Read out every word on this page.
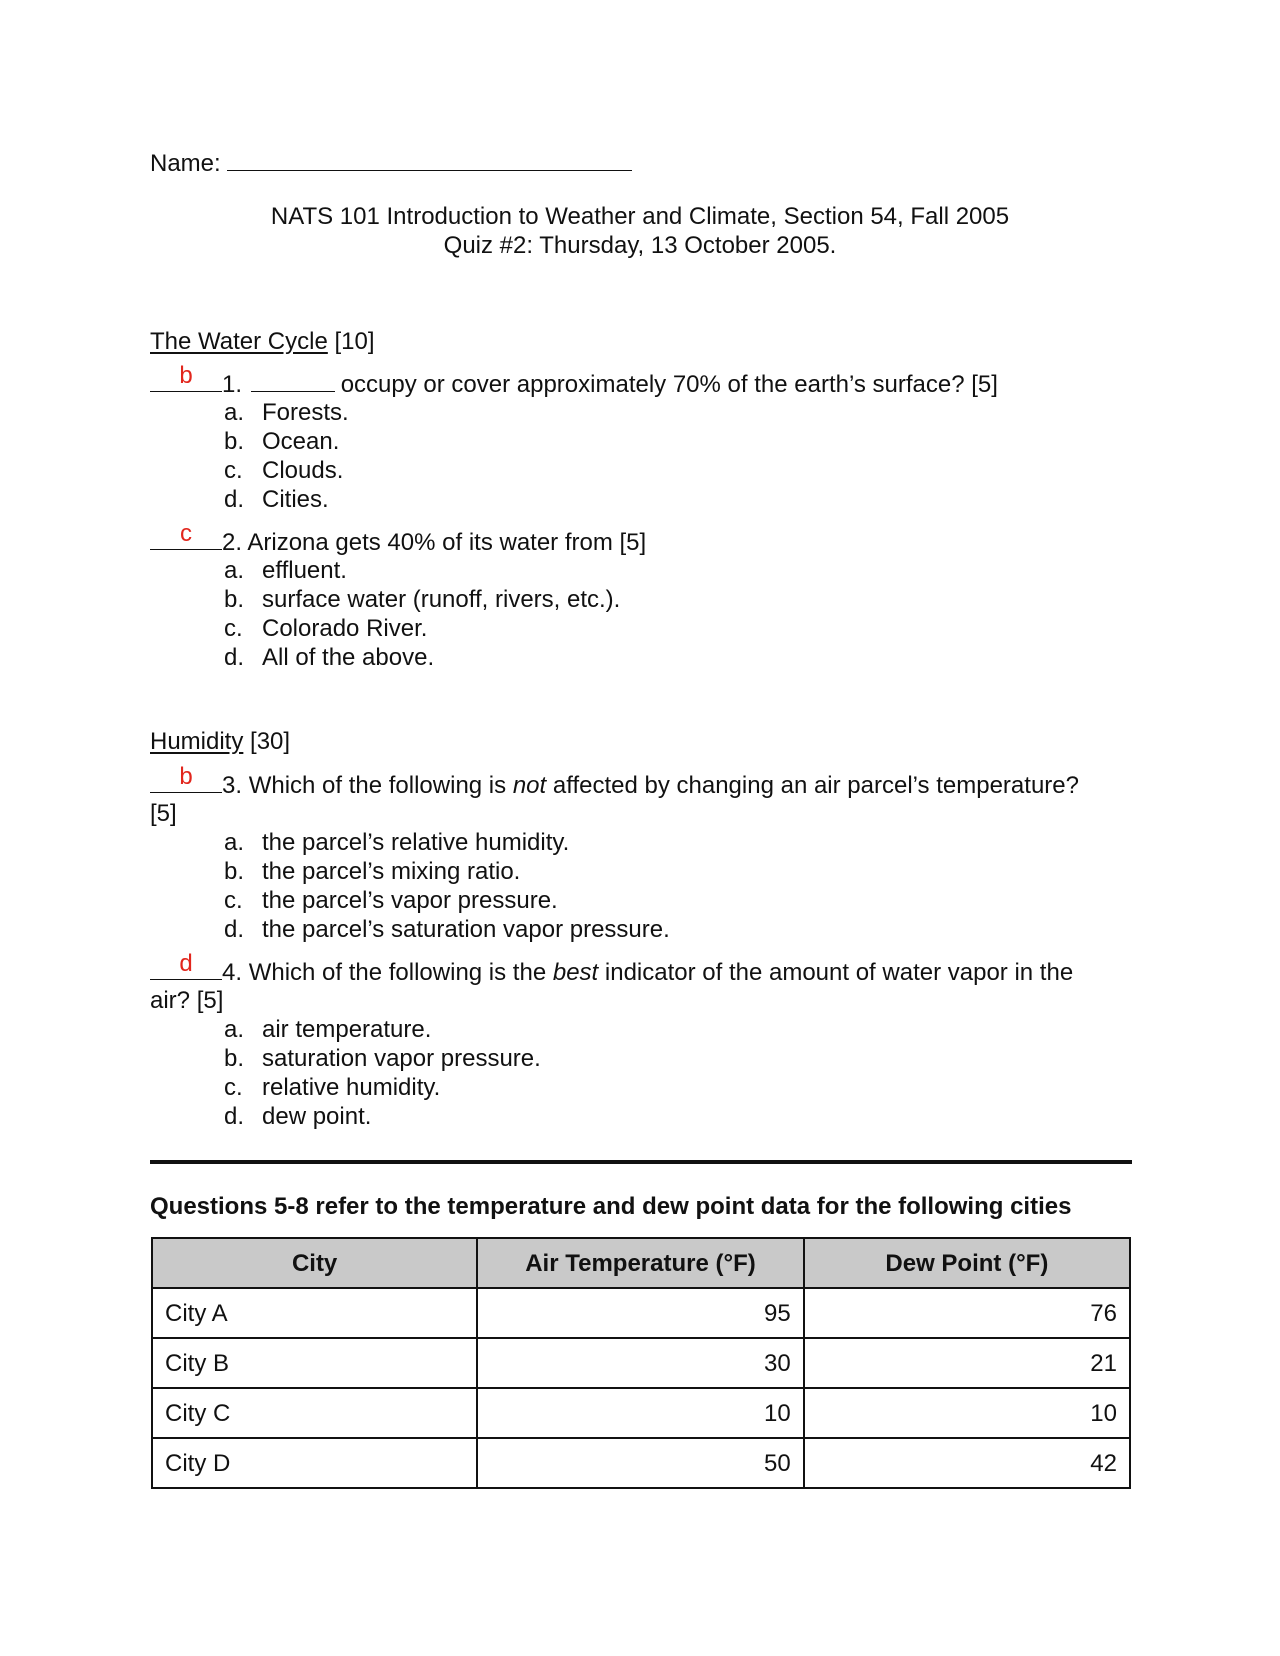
Name:
NATS 101 Introduction to Weather and Climate, Section 54, Fall 2005
Quiz #2: Thursday, 13 October 2005.
The Water Cycle [10]
b	1.	occupy or cover approximately 70% of the earth’s surface? [5]
a. Forests.
b. Ocean.
c. Clouds.
d. Cities.
c	2. Arizona gets 40% of its water from [5]
a. effluent.
b. surface water (runoff, rivers, etc.).
c. Colorado River.
d. All of the above.
Humidity [30]
b	3. Which of the following is not affected by changing an air parcel’s temperature?
[5]
a. the parcel’s relative humidity.
b. the parcel’s mixing ratio.
c. the parcel’s vapor pressure.
d. the parcel’s saturation vapor pressure.
d	4. Which of the following is the best indicator of the amount of water vapor in the
air? [5]
a. air temperature.
b. saturation vapor pressure.
c. relative humidity.
d. dew point.
Questions 5-8 refer to the temperature and dew point data for the following cities
City	Air Temperature (°F)	Dew Point (°F)
City A	95	76
City B	30	21
City C	10	10
City D	50	42
